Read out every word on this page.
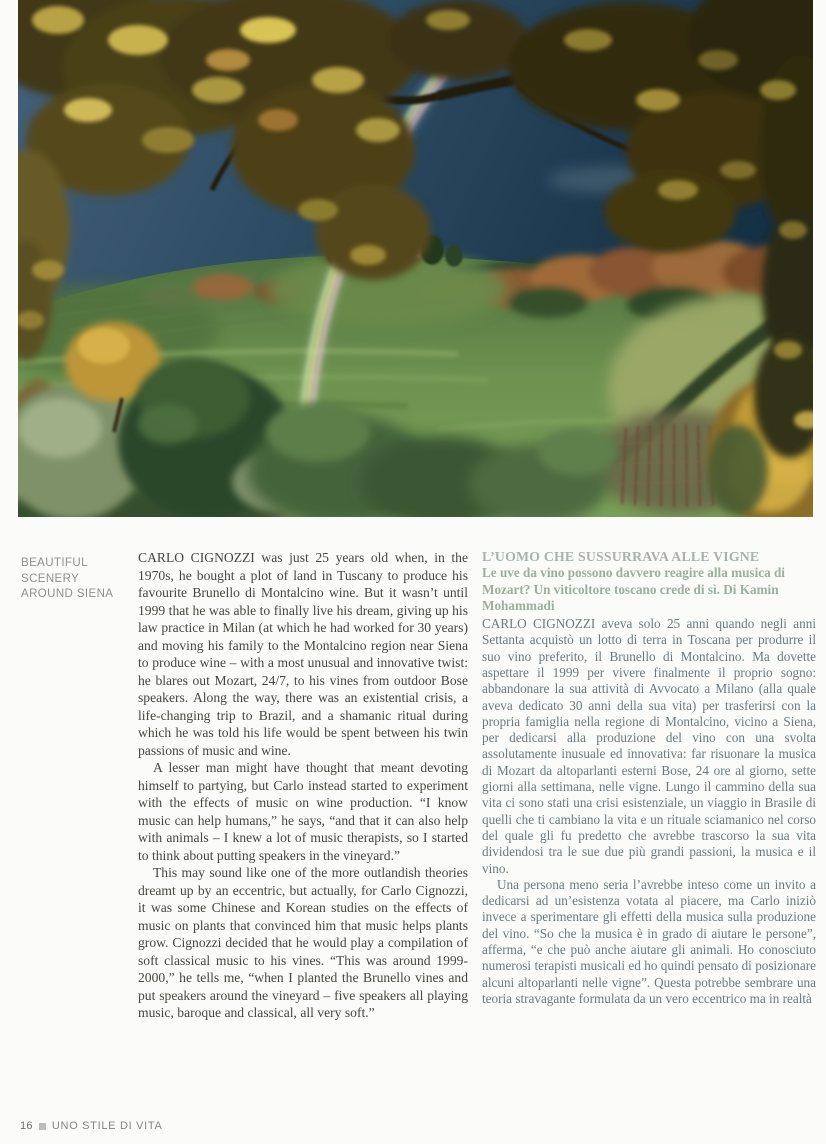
BEAUTIFUL
SCENERY
AROUND SIENA

CARLO CIGNOZZI was just 25 years old when, in the 1970s, he bought a plot of land in Tuscany to produce his favourite Brunello di Montalcino wine. But it wasn’t until 1999 that he was able to finally live his dream, giving up his law practice in Milan (at which he had worked for 30 years) and moving his family to the Montalcino region near Siena to produce wine – with a most unusual and innovative twist: he blares out Mozart, 24/7, to his vines from outdoor Bose speakers. Along the way, there was an existential crisis, a life-changing trip to Brazil, and a shamanic ritual during which he was told his life would be spent between his twin passions of music and wine.

A lesser man might have thought that meant devoting himself to partying, but Carlo instead started to experiment with the effects of music on wine production. “I know music can help humans,” he says, “and that it can also help with animals – I knew a lot of music therapists, so I started to think about putting speakers in the vineyard.”

This may sound like one of the more outlandish theories dreamt up by an eccentric, but actually, for Carlo Cignozzi, it was some Chinese and Korean studies on the effects of music on plants that convinced him that music helps plants grow. Cignozzi decided that he would play a compilation of soft classical music to his vines. “This was around 1999-2000,” he tells me, “when I planted the Brunello vines and put speakers around the vineyard – five speakers all playing music, baroque and classical, all very soft.”

L’UOMO CHE SUSSURRAVA ALLE VIGNE

Le uve da vino possono davvero reagire alla musica di Mozart? Un viticoltore toscano crede di sì. Di Kamin Mohammadi

CARLO CIGNOZZI aveva solo 25 anni quando negli anni Settanta acquistò un lotto di terra in Toscana per produrre il suo vino preferito, il Brunello di Montalcino. Ma dovette aspettare il 1999 per vivere finalmente il proprio sogno: abbandonare la sua attività di Avvocato a Milano (alla quale aveva dedicato 30 anni della sua vita) per trasferirsi con la propria famiglia nella regione di Montalcino, vicino a Siena, per dedicarsi alla produzione del vino con una svolta assolutamente inusuale ed innovativa: far risuonare la musica di Mozart da altoparlanti esterni Bose, 24 ore al giorno, sette giorni alla settimana, nelle vigne. Lungo il cammino della sua vita ci sono stati una crisi esistenziale, un viaggio in Brasile di quelli che ti cambiano la vita e un rituale sciamanico nel corso del quale gli fu predetto che avrebbe trascorso la sua vita dividendosi tra le sue due più grandi passioni, la musica e il vino.

Una persona meno seria l’avrebbe inteso come un invito a dedicarsi ad un’esistenza votata al piacere, ma Carlo iniziò invece a sperimentare gli effetti della musica sulla produzione del vino. “So che la musica è in grado di aiutare le persone”, afferma, “e che può anche aiutare gli animali. Ho conosciuto numerosi terapisti musicali ed ho quindi pensato di posizionare alcuni altoparlanti nelle vigne”. Questa potrebbe sembrare una teoria stravagante formulata da un vero eccentrico ma in realtà

16 UNO STILE DI VITA
